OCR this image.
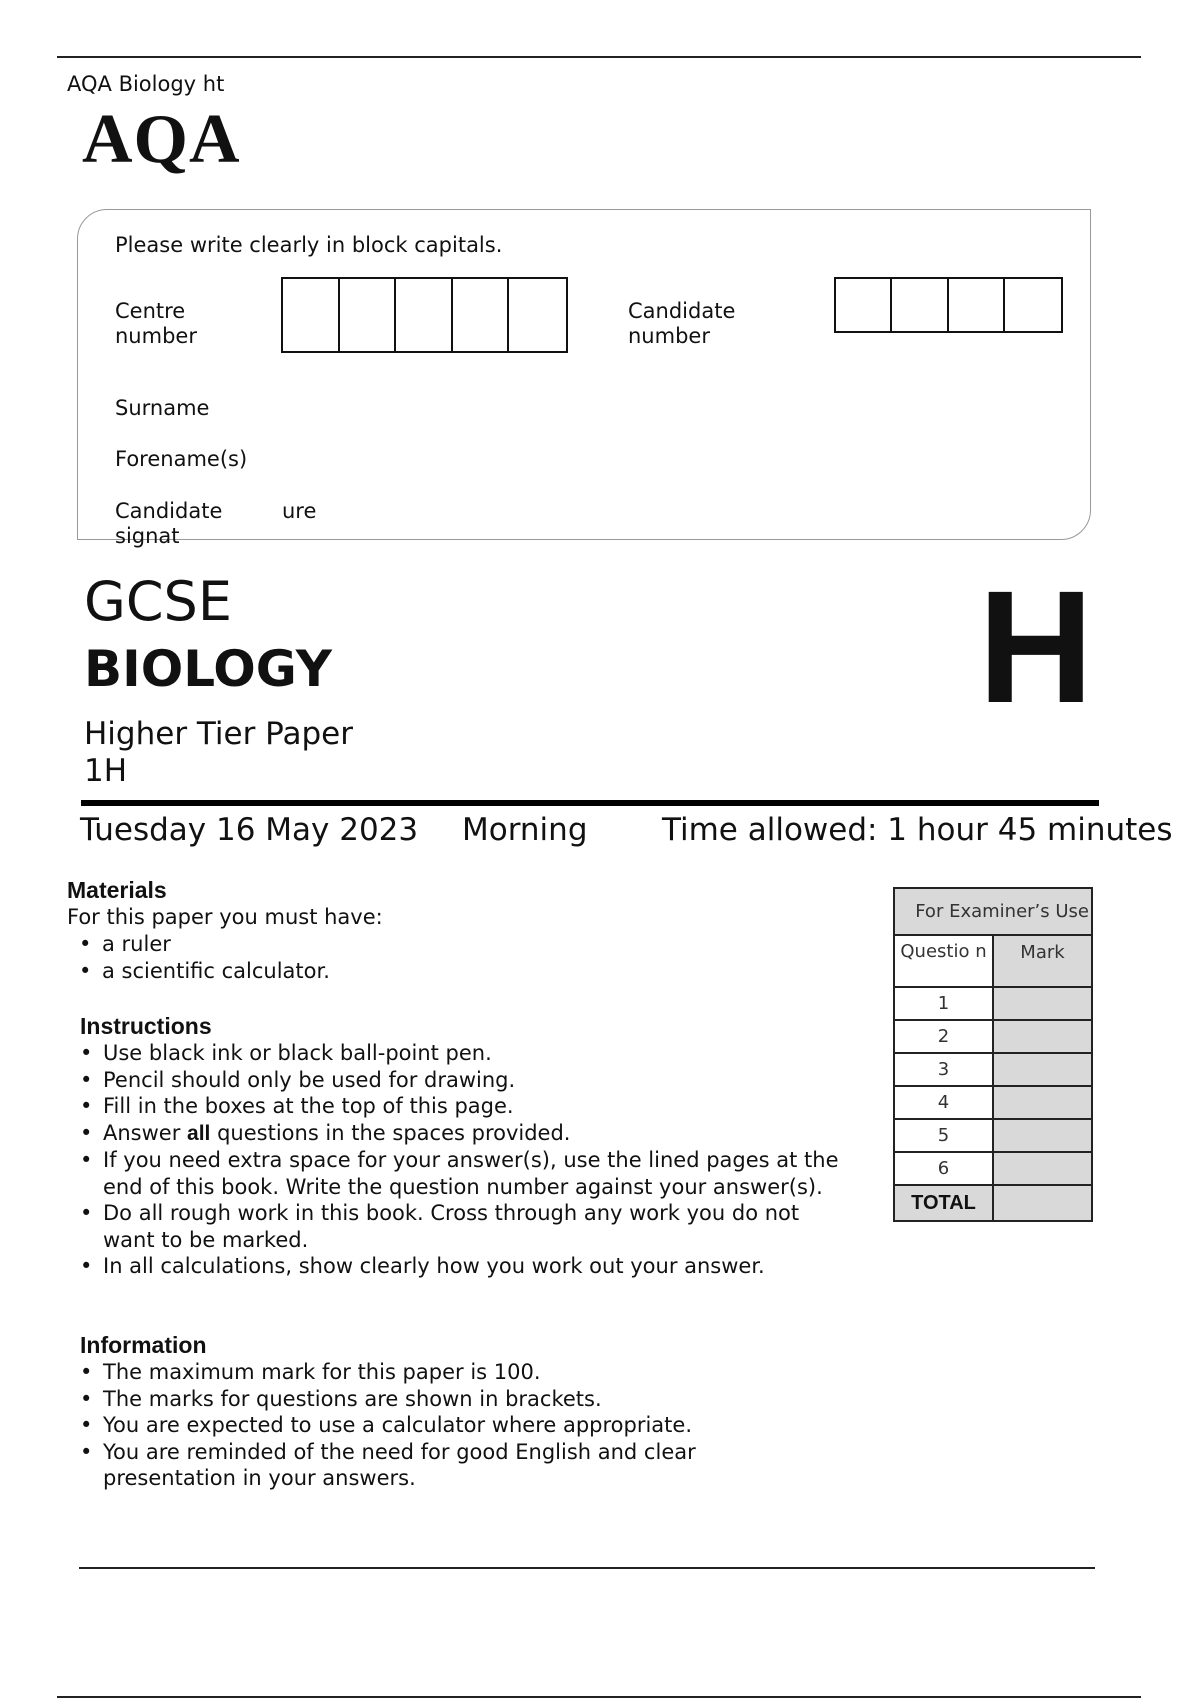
AQA Biology ht
AQA
Please write clearly in block capitals.
Centre
number
Candidate
number
Surname
Forename(s)
Candidate
signat
ure
GCSE
BIOLOGY	H
Higher Tier Paper
1H
Tuesday 16 May 2023 Morning Time allowed: 1 hour 45 minutes
Materials
For this paper you must have:
• a ruler
• a scientific calculator.
Instructions
• Use black ink or black ball-point pen.
• Pencil should only be used for drawing.
• Fill in the boxes at the top of this page.
• Answer all questions in the spaces provided.
• If you need extra space for your answer(s), use the lined pages at the end of this book. Write the question number against your answer(s).
• Do all rough work in this book. Cross through any work you do not want to be marked.
• In all calculations, show clearly how you work out your answer.
Information
• The maximum mark for this paper is 100.
• The marks for questions are shown in brackets.
• You are expected to use a calculator where appropriate.
• You are reminded of the need for good English and clear presentation in your answers.
For Examiner’s Use	
Questio n	Mark
1	
2	
3	
4	
5	
6	
TOTAL	
